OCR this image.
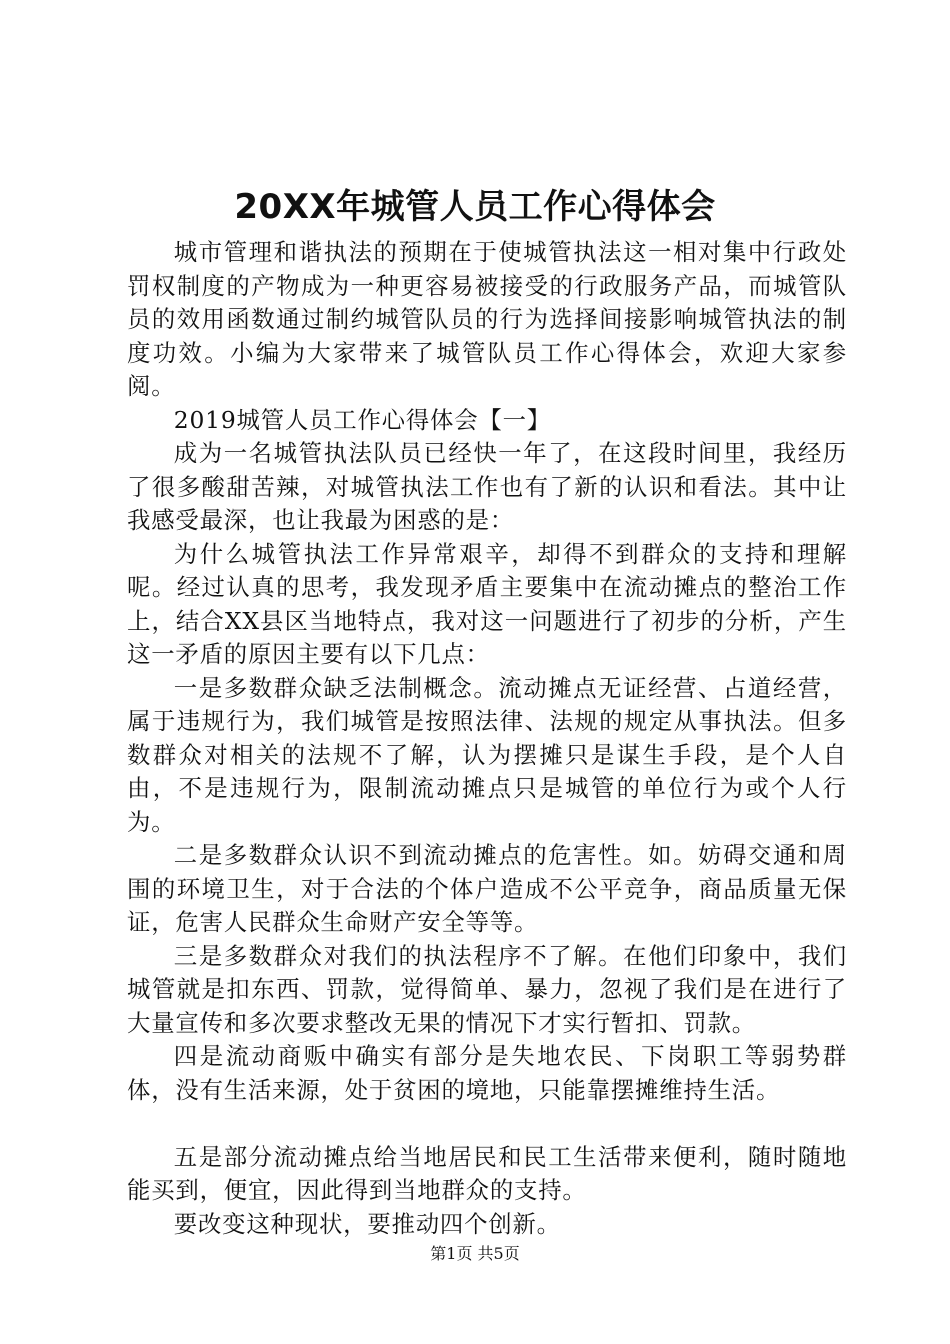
20XX年城管人员工作心得体会

城市管理和谐执法的预期在于使城管执法这一相对集中行政处罚权制度的产物成为一种更容易被接受的行政服务产品，而城管队员的效用函数通过制约城管队员的行为选择间接影响城管执法的制度功效。小编为大家带来了城管队员工作心得体会，欢迎大家参阅。

2019城管人员工作心得体会【一】

成为一名城管执法队员已经快一年了，在这段时间里，我经历了很多酸甜苦辣，对城管执法工作也有了新的认识和看法。其中让我感受最深，也让我最为困惑的是：

为什么城管执法工作异常艰辛，却得不到群众的支持和理解呢。经过认真的思考，我发现矛盾主要集中在流动摊点的整治工作上，结合XX县区当地特点，我对这一问题进行了初步的分析，产生这一矛盾的原因主要有以下几点：

一是多数群众缺乏法制概念。流动摊点无证经营、占道经营，属于违规行为，我们城管是按照法律、法规的规定从事执法。但多数群众对相关的法规不了解，认为摆摊只是谋生手段，是个人自由，不是违规行为，限制流动摊点只是城管的单位行为或个人行为。

二是多数群众认识不到流动摊点的危害性。如。妨碍交通和周围的环境卫生，对于合法的个体户造成不公平竞争，商品质量无保证，危害人民群众生命财产安全等等。

三是多数群众对我们的执法程序不了解。在他们印象中，我们城管就是扣东西、罚款，觉得简单、暴力，忽视了我们是在进行了大量宣传和多次要求整改无果的情况下才实行暂扣、罚款。

四是流动商贩中确实有部分是失地农民、下岗职工等弱势群体，没有生活来源，处于贫困的境地，只能靠摆摊维持生活。

五是部分流动摊点给当地居民和民工生活带来便利，随时随地能买到，便宜，因此得到当地群众的支持。

要改变这种现状，要推动四个创新。

第1页 共5页
